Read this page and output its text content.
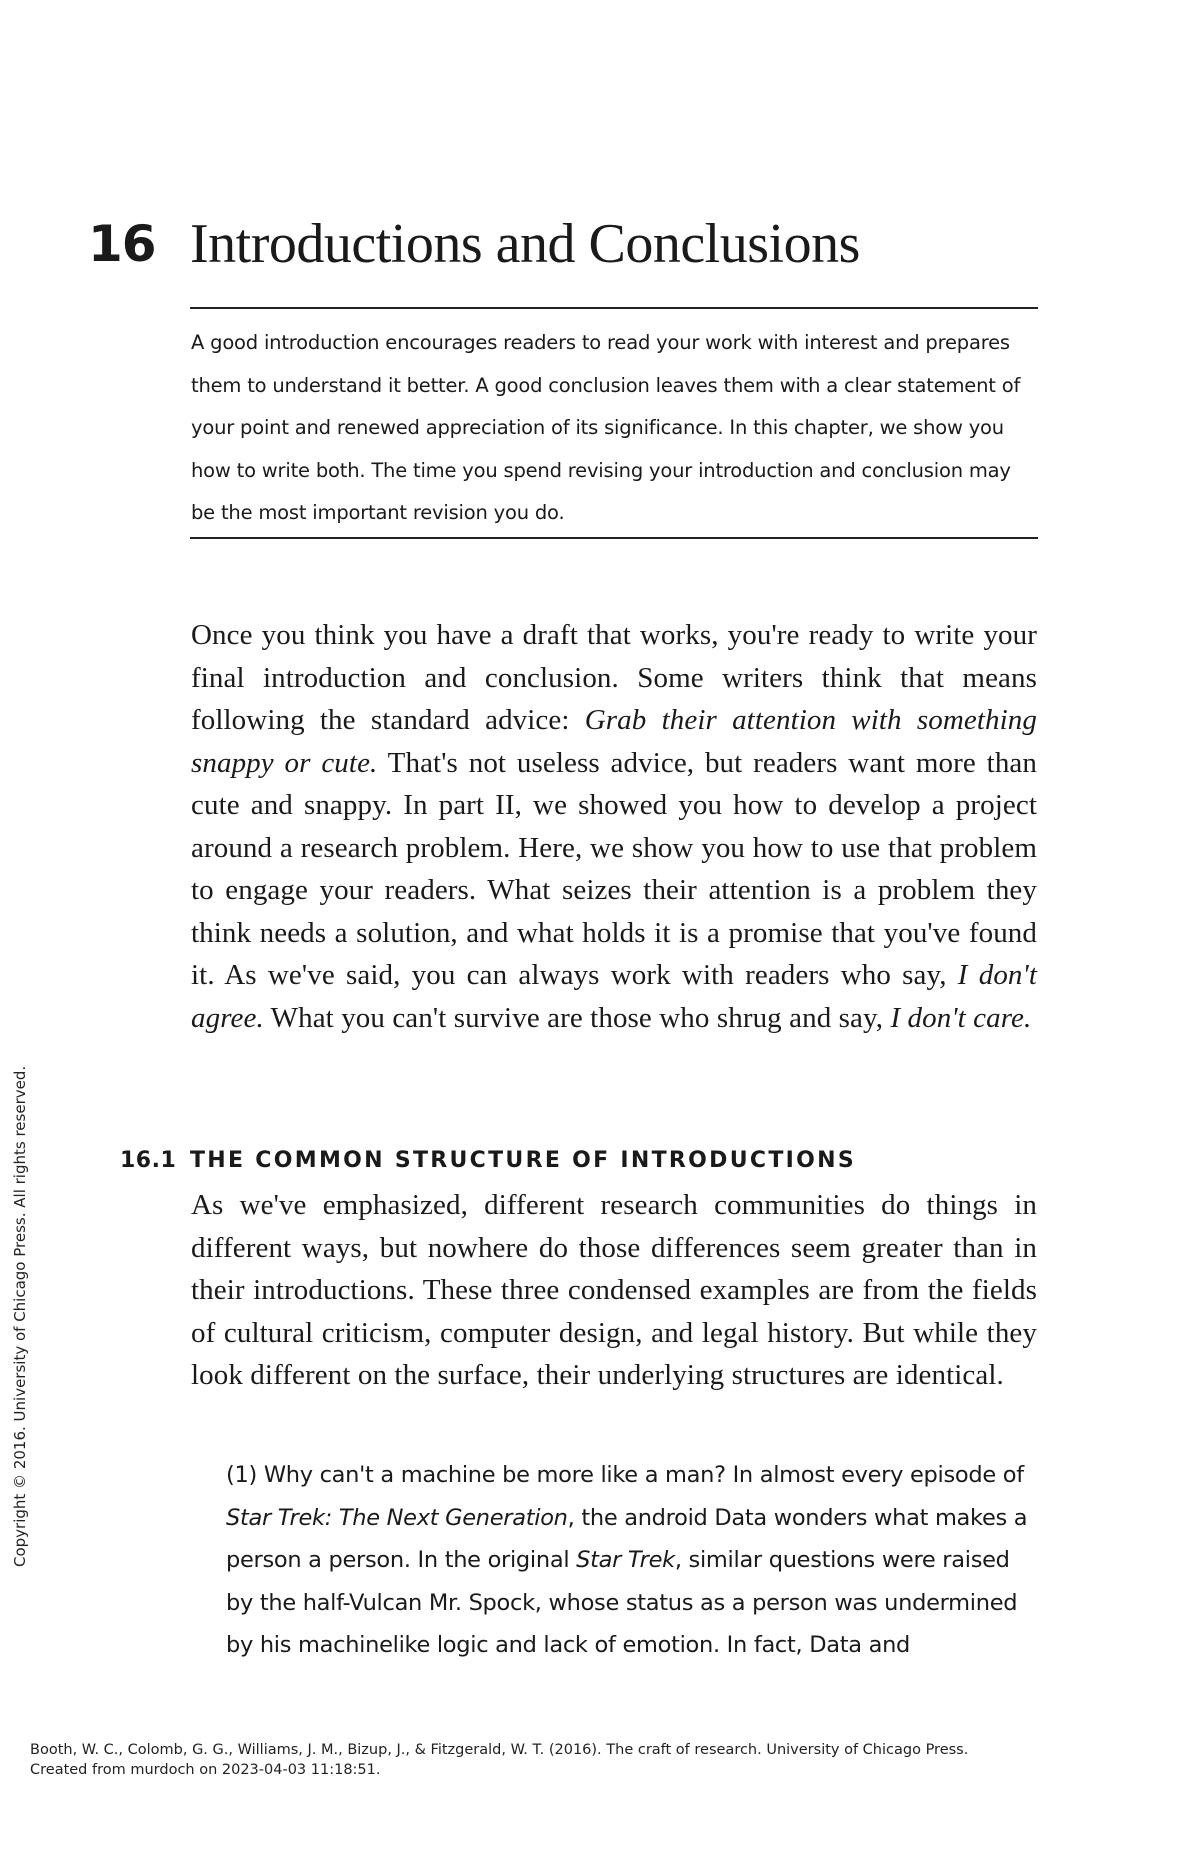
16 Introductions and Conclusions

A good introduction encourages readers to read your work with interest and prepares them to understand it better. A good conclusion leaves them with a clear statement of your point and renewed appreciation of its significance. In this chapter, we show you how to write both. The time you spend revising your introduction and conclusion may be the most important revision you do.

Once you think you have a draft that works, you're ready to write your final introduction and conclusion. Some writers think that means following the standard advice: Grab their attention with something snappy or cute. That's not useless advice, but readers want more than cute and snappy. In part II, we showed you how to develop a project around a research problem. Here, we show you how to use that problem to engage your readers. What seizes their attention is a problem they think needs a solution, and what holds it is a promise that you've found it. As we've said, you can always work with readers who say, I don't agree. What you can't survive are those who shrug and say, I don't care.

16.1 THE COMMON STRUCTURE OF INTRODUCTIONS

As we've emphasized, different research communities do things in different ways, but nowhere do those differences seem greater than in their introductions. These three condensed examples are from the fields of cultural criticism, computer design, and legal history. But while they look different on the surface, their underlying structures are identical.

(1) Why can't a machine be more like a man? In almost every episode of Star Trek: The Next Generation, the android Data wonders what makes a person a person. In the original Star Trek, similar questions were raised by the half-Vulcan Mr. Spock, whose status as a person was undermined by his machinelike logic and lack of emotion. In fact, Data and

Copyright © 2016. University of Chicago Press. All rights reserved.
Booth, W. C., Colomb, G. G., Williams, J. M., Bizup, J., & Fitzgerald, W. T. (2016). The craft of research. University of Chicago Press.
Created from murdoch on 2023-04-03 11:18:51.
